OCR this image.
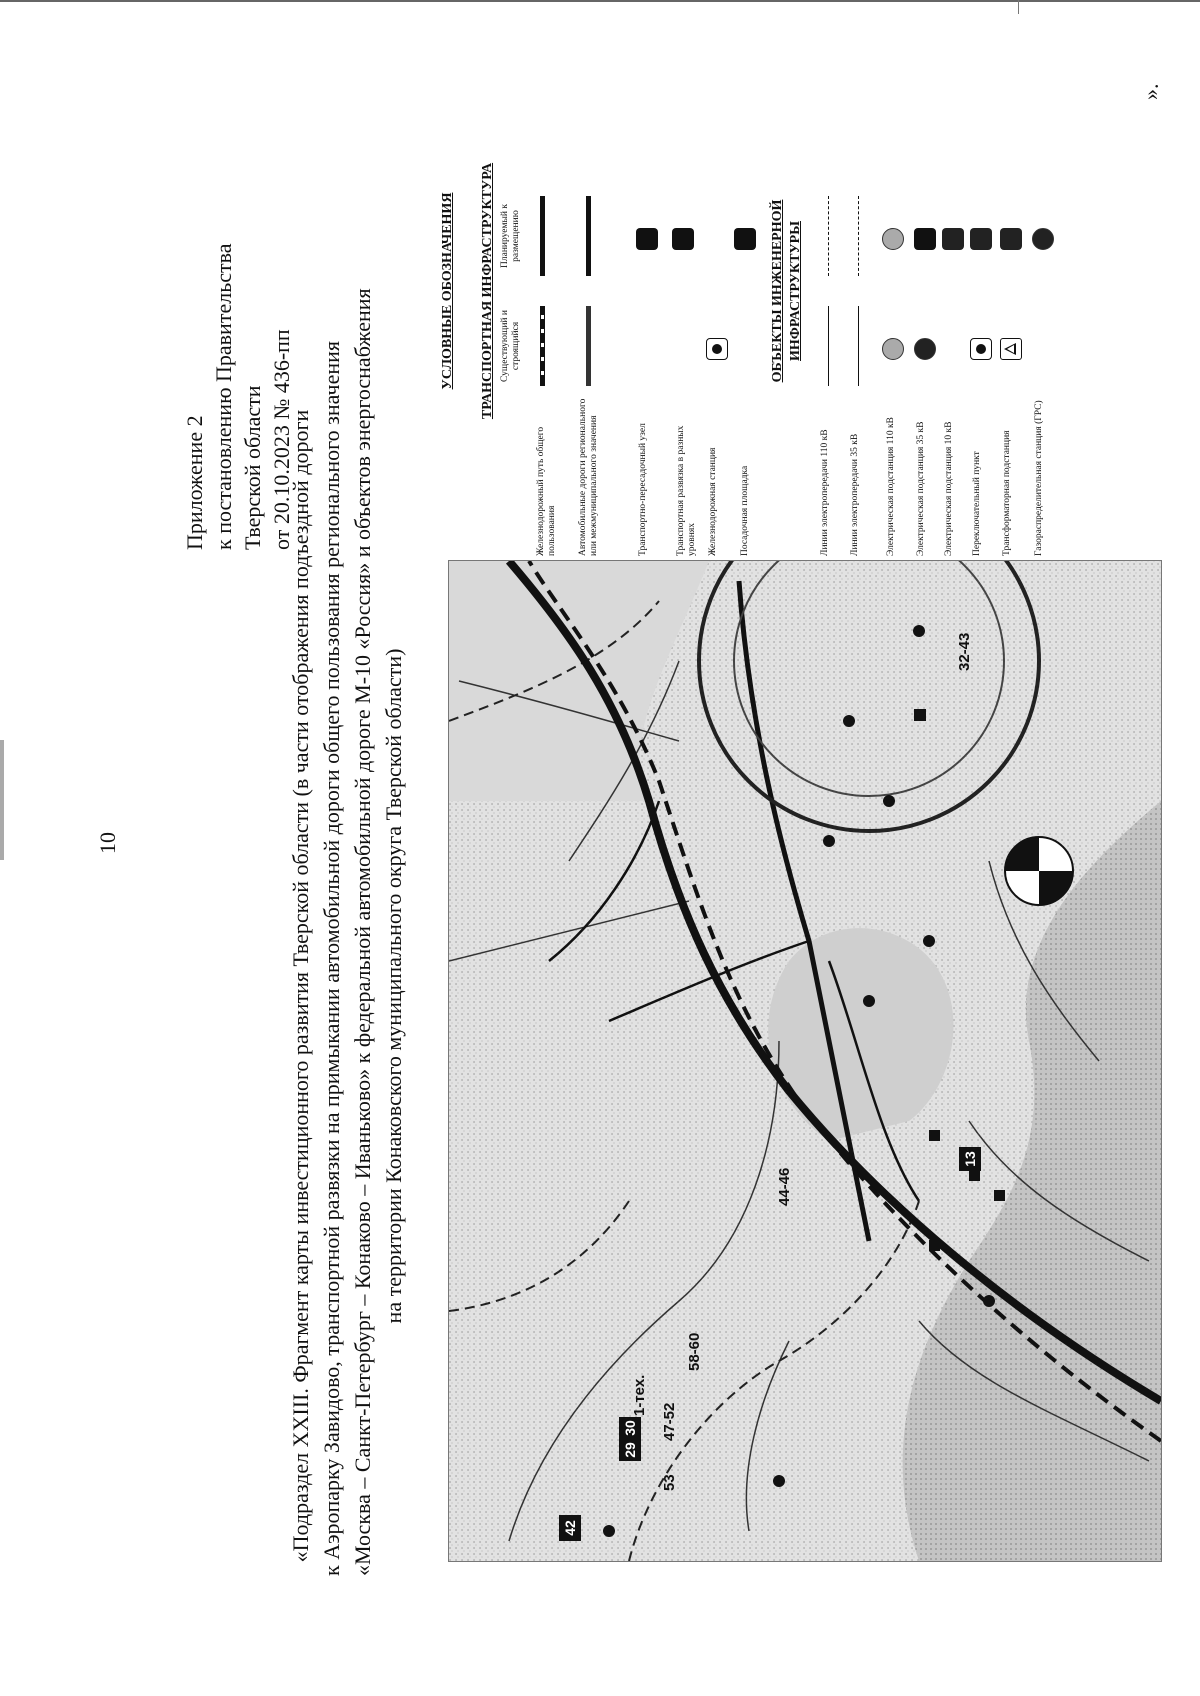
10
Приложение 2 к постановлению Правительства Тверской области от 20.10.2023 № 436-пп
«Подраздел XXIII. Фрагмент карты инвестиционного развития Тверской области (в части отображения подъездной дороги к Аэропарку Завидово, транспортной развязки на примыкании автомобильной дороги общего пользования регионального значения «Москва – Санкт-Петербург – Конаково – Иваньково» к федеральной автомобильной дороге М-10 «Россия» и объектов энергоснабжения на территории Конаковского муниципального округа Тверской области)
42
29
30
13
32-43
44-46
58-60
47-52
1-тех.
53
УСЛОВНЫЕ ОБОЗНАЧЕНИЯ ТРАНСПОРТНАЯ ИНФРАСТРУКТУРА Существующий и строящийся
Планируемый к размещению
Железнодорожный путь общего пользования Автомобильные дороги регионального или межмуниципального значения	Транспортно-пересадочный узел	Транспортная развязка в разных уровнях Железнодорожная станция Посадочная площадка
ОБЪЕКТЫ ИНЖЕНЕРНОЙ ИНФРАСТРУКТУРЫ
Линии электропередачи 110 кВ Линии электропередачи 35 кВ	Электрическая подстанция 110 кВ Электрическая подстанция 35 кВ Электрическая подстанция 10 кВ Переключательный пункт Трансформаторная подстанция Газораспределительная станция (ГРС)
».
